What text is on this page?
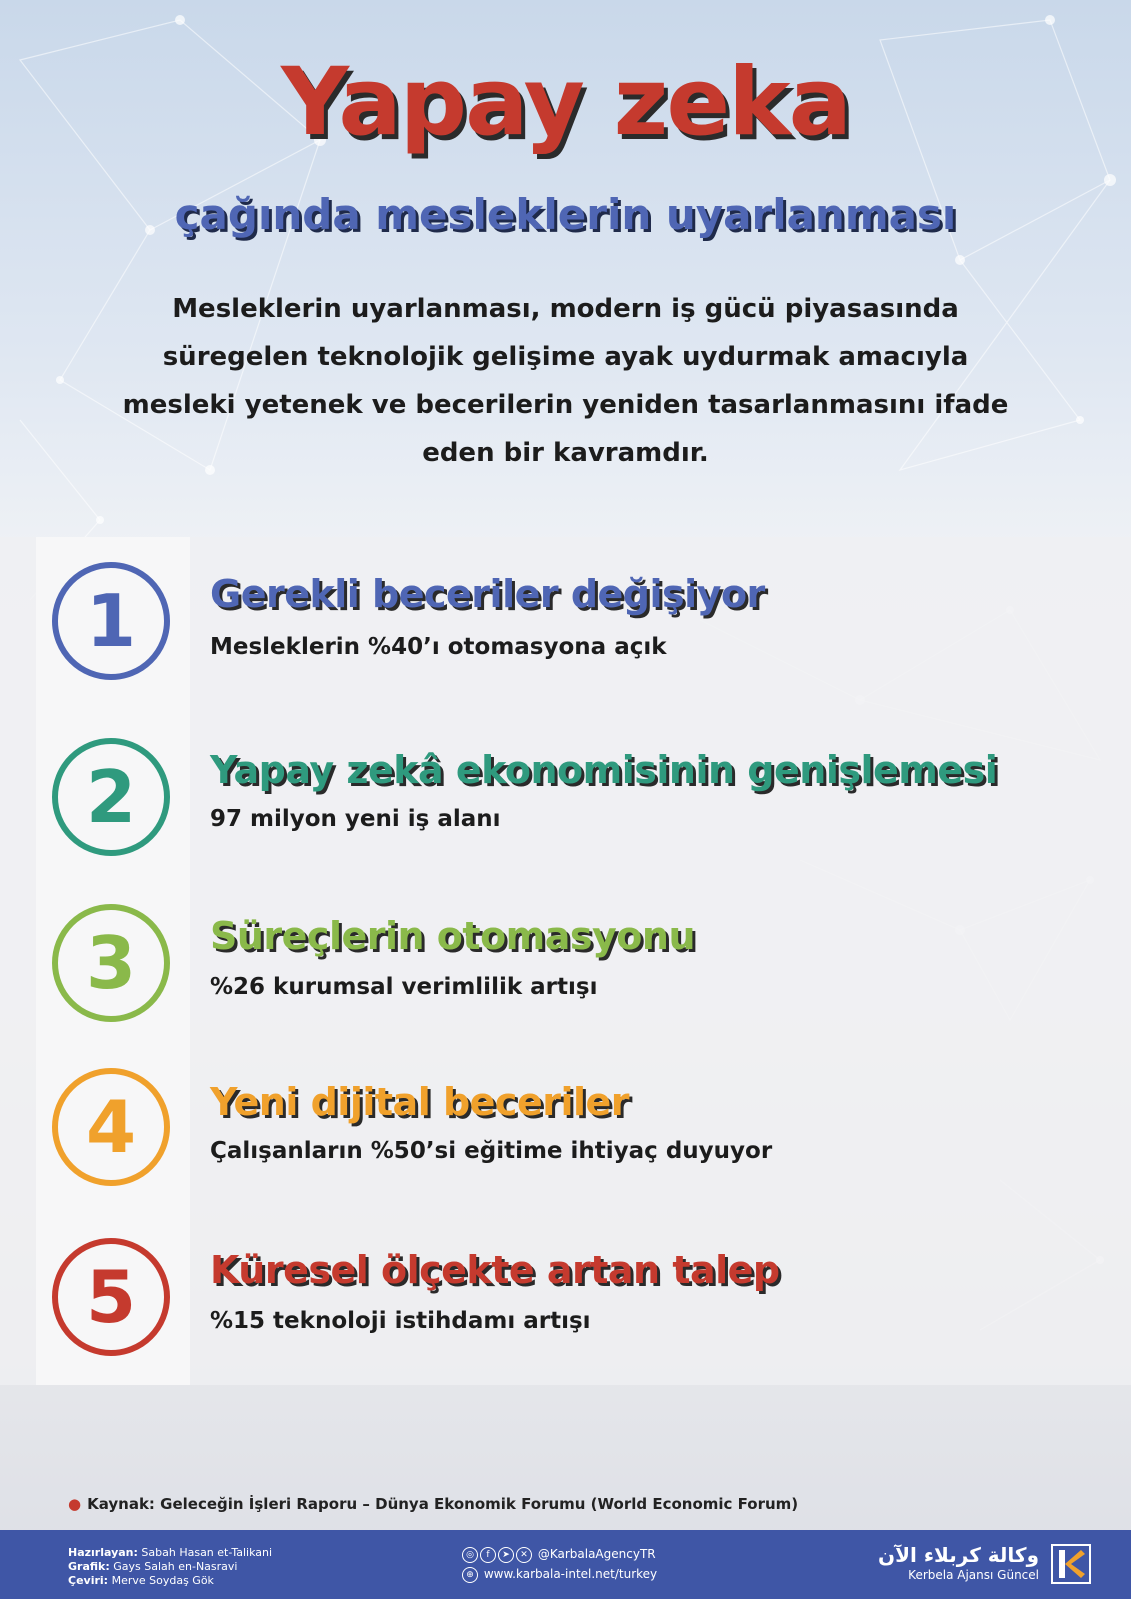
Yapay zeka
çağında mesleklerin uyarlanması
Mesleklerin uyarlanması, modern iş gücü piyasasında süregelen teknolojik gelişime ayak uydurmak amacıyla mesleki yetenek ve becerilerin yeniden tasarlanmasını ifade eden bir kavramdır.
1	Gerekli beceriler değişiyor
Mesleklerin %40’ı otomasyona açık
2	Yapay zekâ ekonomisinin genişlemesi
97 milyon yeni iş alanı
3	Süreçlerin otomasyonu
%26 kurumsal verimlilik artışı
4	Yeni dijital beceriler
Çalışanların %50’si eğitime ihtiyaç duyuyor
5	Küresel ölçekte artan talep
%15 teknoloji istihdamı artışı
● Kaynak: Geleceğin İşleri Raporu – Dünya Ekonomik Forumu (World Economic Forum)
Hazırlayan: Sabah Hasan et-Talikani
Grafik: Gays Salah en-Nasravi
Çeviri: Merve Soydaş Gök
◎ f ➤ ✕ @KarbalaAgencyTR
⊕ www.karbala-intel.net/turkey
وكالة كربلاء الآن
Kerbela Ajansı Güncel
